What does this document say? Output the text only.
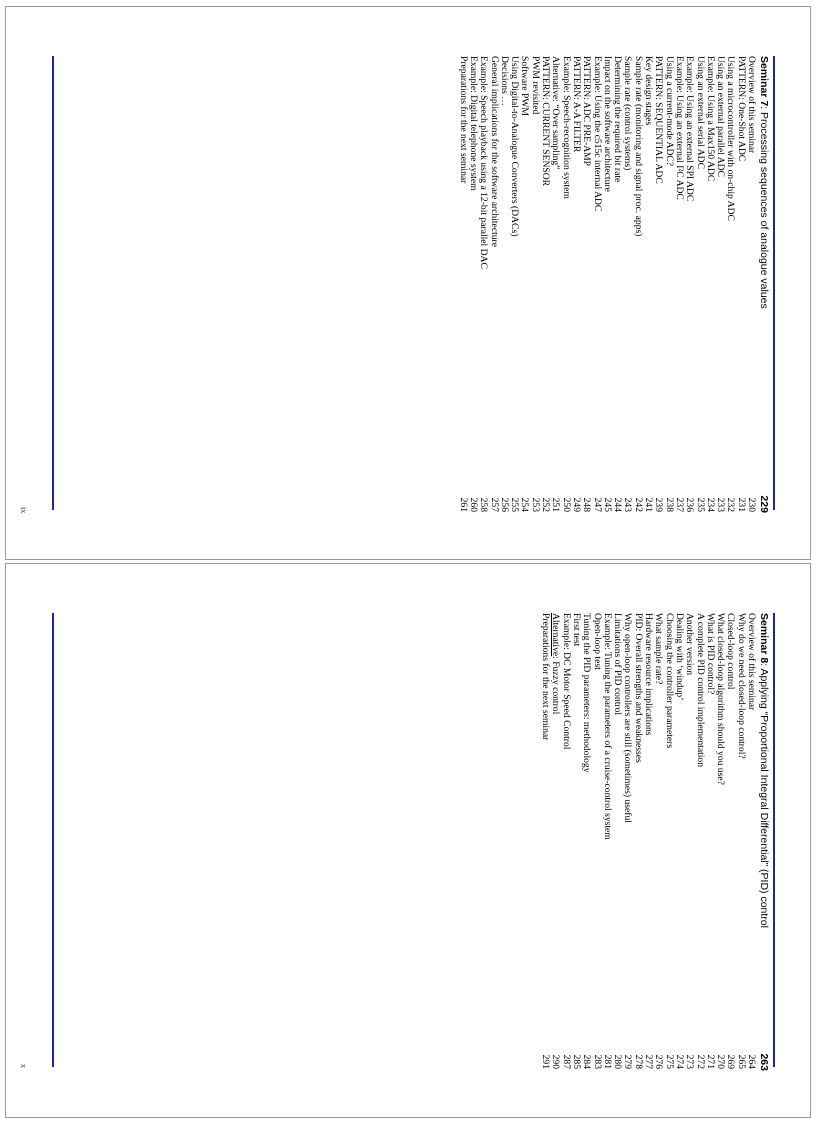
Seminar 7: Processing sequences of analogue values
229
Overview of this seminar
230
PATTERN: One-Shot ADC
231
Using a microcontroller with on-chip ADC
232
Using an external parallel ADC
233
Example: Using a Max150 ADC
234
Using an external serial ADC
235
Example: Using an external SPI ADC
236
Example: Using an external I²C ADC
237
Using a current-mode ADC?
238
PATTERN: SEQUENTIAL ADC
239
Key design stages
241
Sample rate (monitoring and signal proc. apps)
242
Sample rate (control systems)
243
Determining the required bit rate
244
Impact on the software architecture
245
Example: Using the c515c internal ADC
247
PATTERN: ADC PRE-AMP
248
PATTERN: A-A FILTER
249
Example: Speech-recognition system
250
Alternative: “Over sampling”
251
PATTERN: CURRENT SENSOR
252
PWM revisited
253
Software PWM
254
Using Digital-to-Analogue Converters (DACs)
255
Decisions …
256
General implications for the software architecture
257
Example: Speech playback using a 12-bit parallel DAC
258
Example: Digital telephone system
260
Preparations for the next seminar
261
ix
Seminar 8: Applying “Proportional Integral Differential” (PID) control
263
Overview of this seminar
264
Why do we need closed-loop control?
265
Closed-loop control
269
What closed-loop algorithm should you use?
270
What is PID control?
271
A complete PID control implementation
272
Another version
273
Dealing with ‘windup’
274
Choosing the controller parameters
275
What sample rate?
276
Hardware resource implications
277
PID: Overall strengths and weaknesses
278
Why open-loop controllers are still (sometimes) useful
279
Limitations of PID control
280
Example: Tuning the parameters of a cruise-control system
281
Open-loop test
283
Tuning the PID parameters: methodology
284
First test
285
Example: DC Motor Speed Control
287
Alternative: Fuzzy control
290
Preparations for the next seminar
291
x
